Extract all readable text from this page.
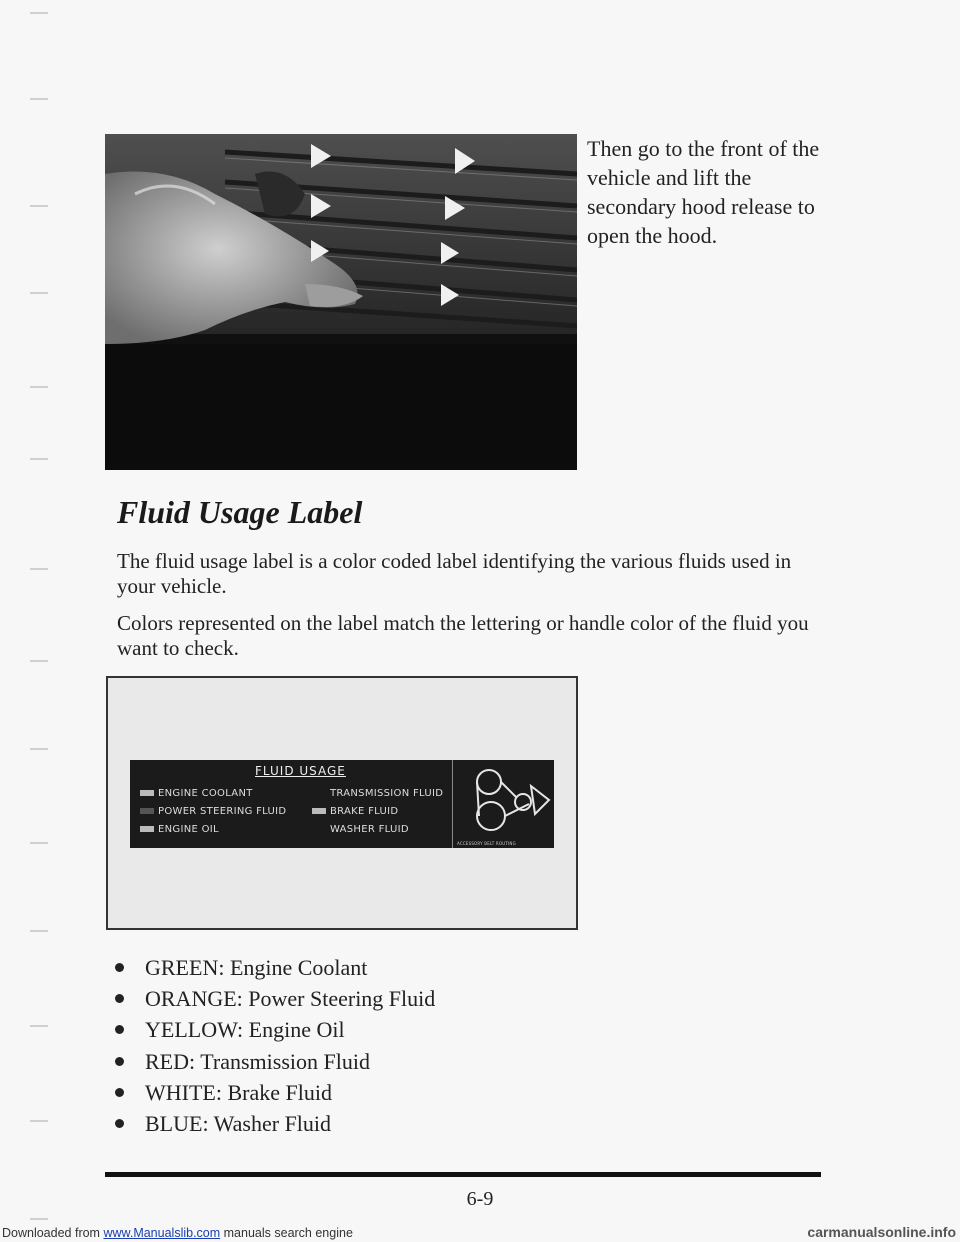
Then go to the front of the vehicle and lift the secondary hood release to open the hood.

Fluid Usage Label

The fluid usage label is a color coded label identifying the various fluids used in your vehicle.

Colors represented on the label match the lettering or handle color of the fluid you want to check.

FLUID USAGE
ENGINE COOLANT
POWER STEERING FLUID
ENGINE OIL
TRANSMISSION FLUID
BRAKE FLUID
WASHER FLUID
ACCESSORY BELT ROUTING
GREEN: Engine Coolant
ORANGE: Power Steering Fluid
YELLOW: Engine Oil
RED: Transmission Fluid
WHITE: Brake Fluid
BLUE: Washer Fluid
6-9
Downloaded from www.Manualslib.com manuals search engine	carmanualsonline.info
